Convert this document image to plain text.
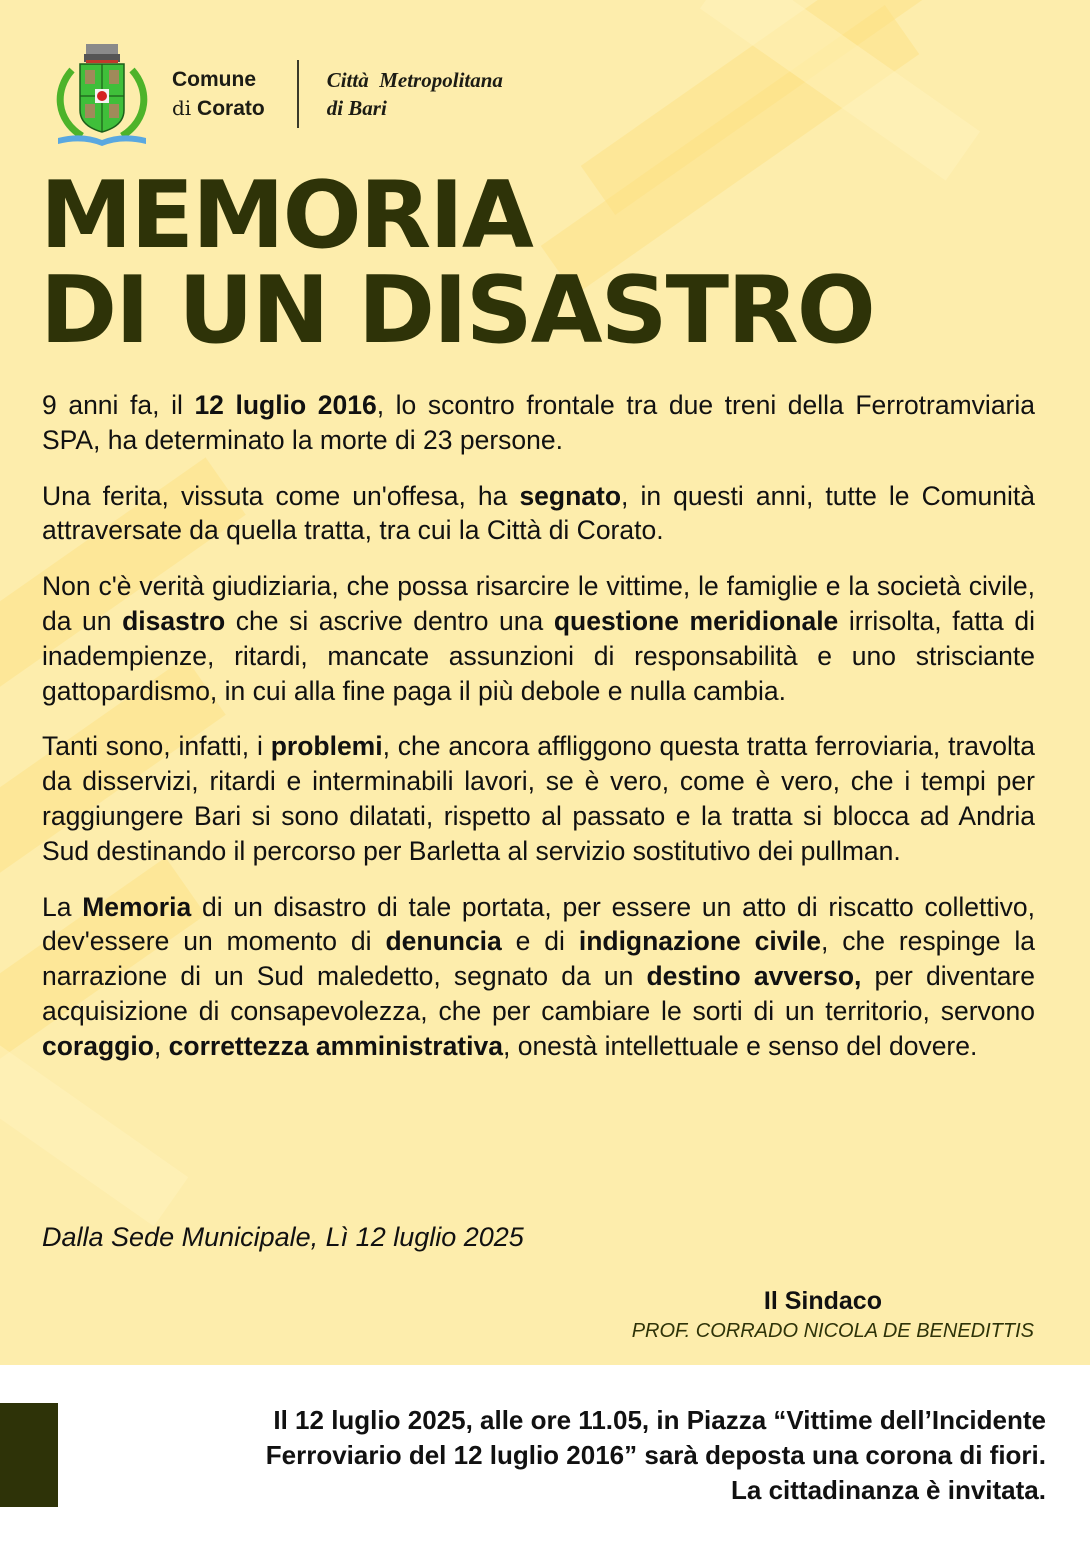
Comune
di Corato
Città  Metropolitana
di Bari
MEMORIA
DI UN DISASTRO

9 anni fa, il 12 luglio 2016, lo scontro frontale tra due treni della Ferrotramviaria SPA, ha determinato la morte di 23 persone.

Una ferita, vissuta come un'offesa, ha segnato, in questi anni, tutte le Comunità attraversate da quella tratta, tra cui la Città di Corato.

Non c'è verità giudiziaria, che possa risarcire le vittime, le famiglie e la società civile, da un disastro che si ascrive dentro una questione meridionale irrisolta, fatta di inadempienze, ritardi, mancate assunzioni di responsabilità e uno strisciante gattopardismo, in cui alla fine paga il più debole e nulla cambia.

Tanti sono, infatti, i problemi, che ancora affliggono questa tratta ferroviaria, travolta da disservizi, ritardi e interminabili lavori, se è vero, come è vero, che i tempi per raggiungere Bari si sono dilatati, rispetto al passato e la tratta si blocca ad Andria Sud destinando il percorso per Barletta al servizio sostitutivo dei pullman.

La Memoria di un disastro di tale portata, per essere un atto di riscatto collettivo, dev'essere un momento di denuncia e di indignazione civile, che respinge la narrazione di un Sud maledetto, segnato da un destino avverso, per diventare acquisizione di consapevolezza, che per cambiare le sorti di un territorio, servono coraggio, correttezza amministrativa, onestà intellettuale e senso del dovere.

Dalla Sede Municipale, Lì 12 luglio 2025
Il Sindaco
PROF. CORRADO NICOLA DE BENEDITTIS
Il 12 luglio 2025, alle ore 11.05, in Piazza “Vittime dell’Incidente
Ferroviario del 12 luglio 2016” sarà deposta una corona di fiori.
La cittadinanza è invitata.
